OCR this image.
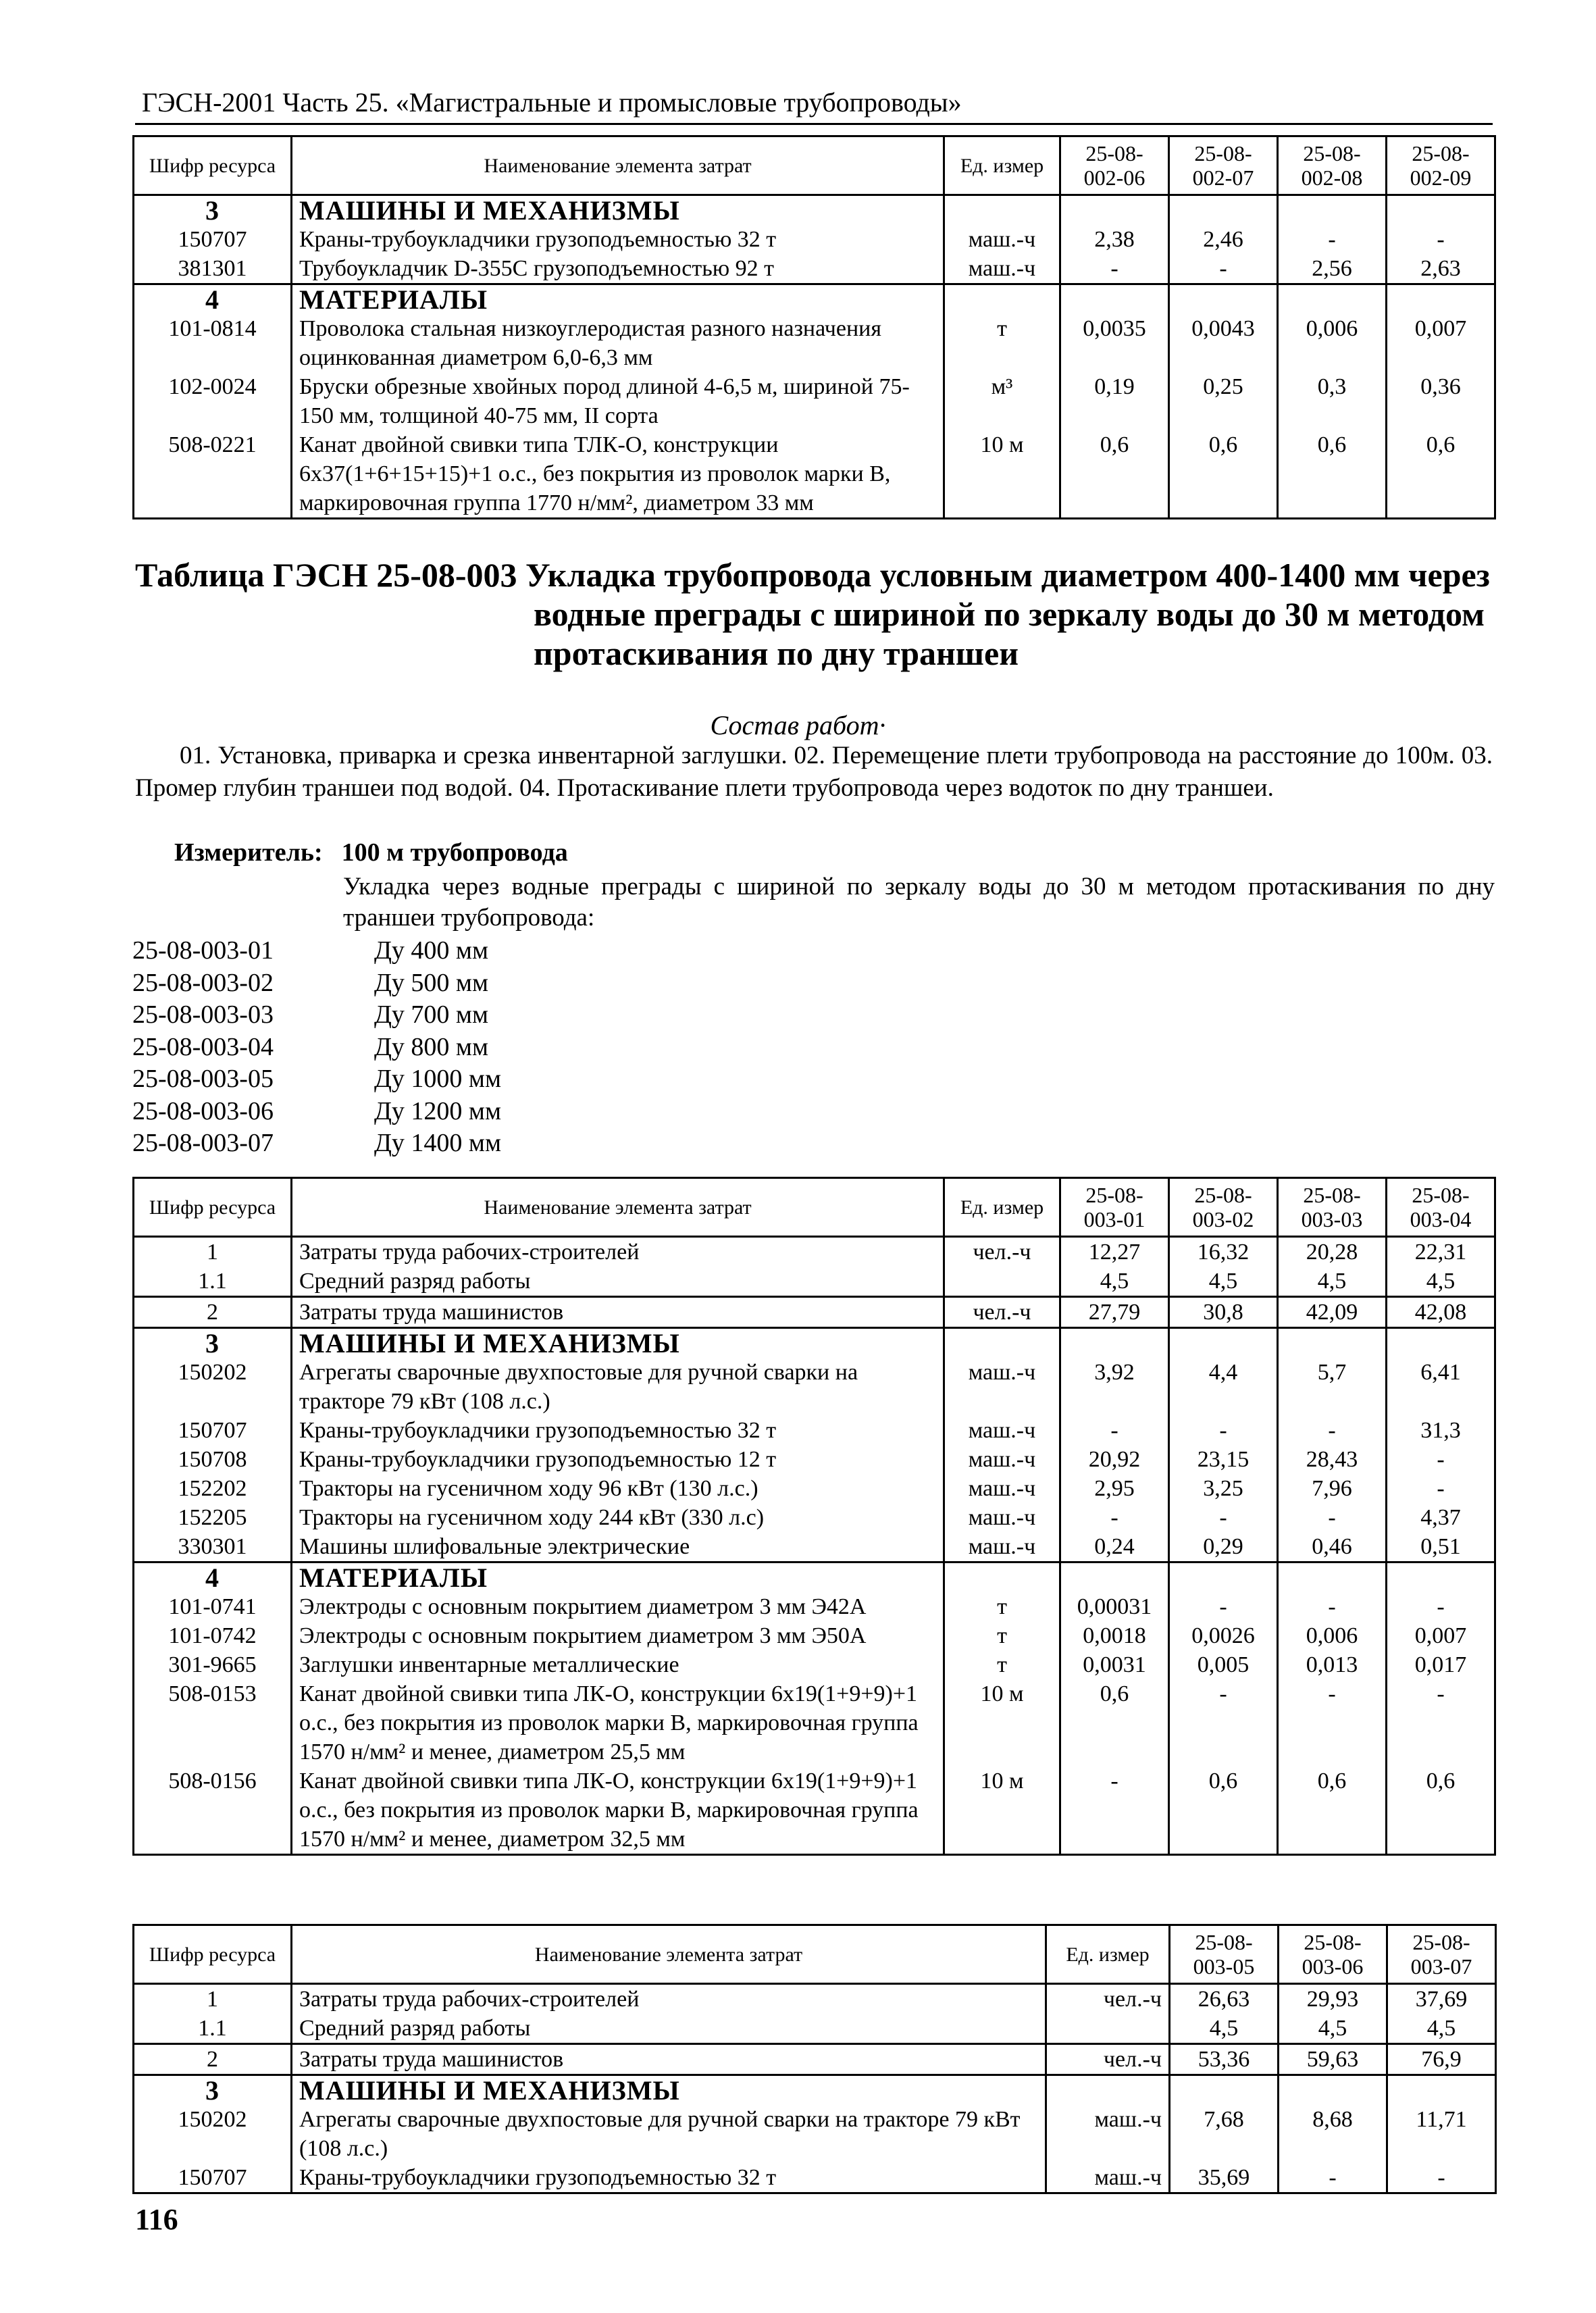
ГЭСН-2001 Часть 25. «Магистральные и промысловые трубопроводы»
Шифр ресурса	Наименование элемента затрат	Ед. измер	25-08-002-06	25-08-002-07	25-08-002-08	25-08-002-09
3	МАШИНЫ И МЕХАНИЗМЫ					
150707	Краны-трубоукладчики грузоподъемностью 32 т	маш.-ч	2,38	2,46	-	-
381301	Трубоукладчик D-355C грузоподъемностью 92 т	маш.-ч	-	-	2,56	2,63
4	МАТЕРИАЛЫ					
101-0814	Проволока стальная низкоуглеродистая разного назначения оцинкованная диаметром 6,0-6,3 мм	т	0,0035	0,0043	0,006	0,007
102-0024	Бруски обрезные хвойных пород длиной 4-6,5 м, шириной 75-150 мм, толщиной 40-75 мм, II сорта	м³	0,19	0,25	0,3	0,36
508-0221	Канат двойной свивки типа ТЛК-О, конструкции 6х37(1+6+15+15)+1 о.с., без покрытия из проволок марки В, маркировочная группа 1770 н/мм², диаметром 33 мм	10 м	0,6	0,6	0,6	0,6
Таблица ГЭСН 25-08-003 Укладка трубопровода условным диаметром 400-1400 мм через
водные преграды с шириной по зеркалу воды до 30 м методом
протаскивания по дну траншеи
Состав работ·
01. Установка, приварка и срезка инвентарной заглушки. 02. Перемещение плети трубопровода на расстояние до 100м. 03. Промер глубин траншеи под водой. 04. Протаскивание плети трубопровода через водоток по дну траншеи.
Измеритель: 100 м трубопровода
Укладка через водные преграды с шириной по зеркалу воды до 30 м методом протаскивания по дну траншеи трубопровода:
25-08-003-01	Ду 400 мм
25-08-003-02	Ду 500 мм
25-08-003-03	Ду 700 мм
25-08-003-04	Ду 800 мм
25-08-003-05	Ду 1000 мм
25-08-003-06	Ду 1200 мм
25-08-003-07	Ду 1400 мм
Шифр ресурса	Наименование элемента затрат	Ед. измер	25-08-003-01	25-08-003-02	25-08-003-03	25-08-003-04
1	Затраты труда рабочих-строителей	чел.-ч	12,27	16,32	20,28	22,31
1.1	Средний разряд работы		4,5	4,5	4,5	4,5
2	Затраты труда машинистов	чел.-ч	27,79	30,8	42,09	42,08
3	МАШИНЫ И МЕХАНИЗМЫ					
150202	Агрегаты сварочные двухпостовые для ручной сварки на тракторе 79 кВт (108 л.с.)	маш.-ч	3,92	4,4	5,7	6,41
150707	Краны-трубоукладчики грузоподъемностью 32 т	маш.-ч	-	-	-	31,3
150708	Краны-трубоукладчики грузоподъемностью 12 т	маш.-ч	20,92	23,15	28,43	-
152202	Тракторы на гусеничном ходу 96 кВт (130 л.с.)	маш.-ч	2,95	3,25	7,96	-
152205	Тракторы на гусеничном ходу 244 кВт (330 л.с)	маш.-ч	-	-	-	4,37
330301	Машины шлифовальные электрические	маш.-ч	0,24	0,29	0,46	0,51
4	МАТЕРИАЛЫ					
101-0741	Электроды с основным покрытием диаметром 3 мм Э42А	т	0,00031	-	-	-
101-0742	Электроды с основным покрытием диаметром 3 мм Э50А	т	0,0018	0,0026	0,006	0,007
301-9665	Заглушки инвентарные металлические	т	0,0031	0,005	0,013	0,017
508-0153	Канат двойной свивки типа ЛК-О, конструкции 6х19(1+9+9)+1 о.с., без покрытия из проволок марки В, маркировочная группа 1570 н/мм² и менее, диаметром 25,5 мм	10 м	0,6	-	-	-
508-0156	Канат двойной свивки типа ЛК-О, конструкции 6х19(1+9+9)+1 о.с., без покрытия из проволок марки В, маркировочная группа 1570 н/мм² и менее, диаметром 32,5 мм	10 м	-	0,6	0,6	0,6
Шифр ресурса	Наименование элемента затрат	Ед. измер	25-08-003-05	25-08-003-06	25-08-003-07
1	Затраты труда рабочих-строителей	чел.-ч	26,63	29,93	37,69
1.1	Средний разряд работы		4,5	4,5	4,5
2	Затраты труда машинистов	чел.-ч	53,36	59,63	76,9
3	МАШИНЫ И МЕХАНИЗМЫ				
150202	Агрегаты сварочные двухпостовые для ручной сварки на тракторе 79 кВт (108 л.с.)	маш.-ч	7,68	8,68	11,71
150707	Краны-трубоукладчики грузоподъемностью 32 т	маш.-ч	35,69	-	-
116
